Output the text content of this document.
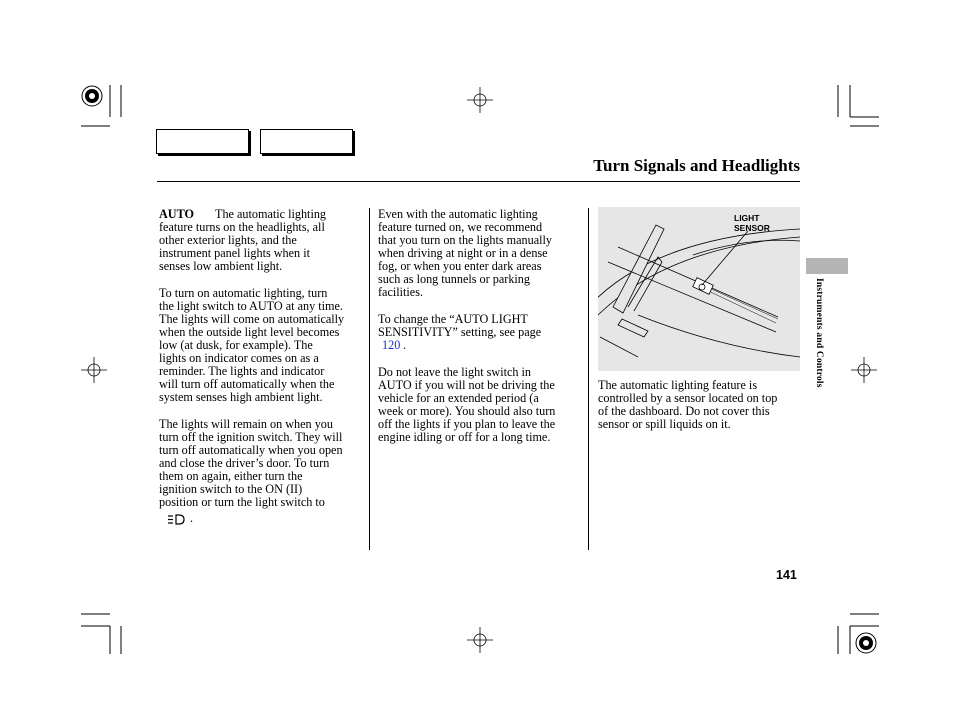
Turn Signals and Headlights
Instruments and Controls
AUTO	The automatic lighting
feature turns on the headlights, all
other exterior lights, and the
instrument panel lights when it
senses low ambient light.
To turn on automatic lighting, turn
the light switch to AUTO at any time.
The lights will come on automatically
when the outside light level becomes
low (at dusk, for example). The
lights on indicator comes on as a
reminder. The lights and indicator
will turn off automatically when the
system senses high ambient light.
The lights will remain on when you
turn off the ignition switch. They will
turn off automatically when you open
and close the driver’s door. To turn
them on again, either turn the
ignition switch to the ON (II)
position or turn the light switch to
.
Even with the automatic lighting
feature turned on, we recommend
that you turn on the lights manually
when driving at night or in a dense
fog, or when you enter dark areas
such as long tunnels or parking
facilities.
To change the “AUTO LIGHT
SENSITIVITY” setting, see page
120 .
Do not leave the light switch in
AUTO if you will not be driving the
vehicle for an extended period (a
week or more). You should also turn
off the lights if you plan to leave the
engine idling or off for a long time.
LIGHT
SENSOR
The automatic lighting feature is
controlled by a sensor located on top
of the dashboard. Do not cover this
sensor or spill liquids on it.
141
